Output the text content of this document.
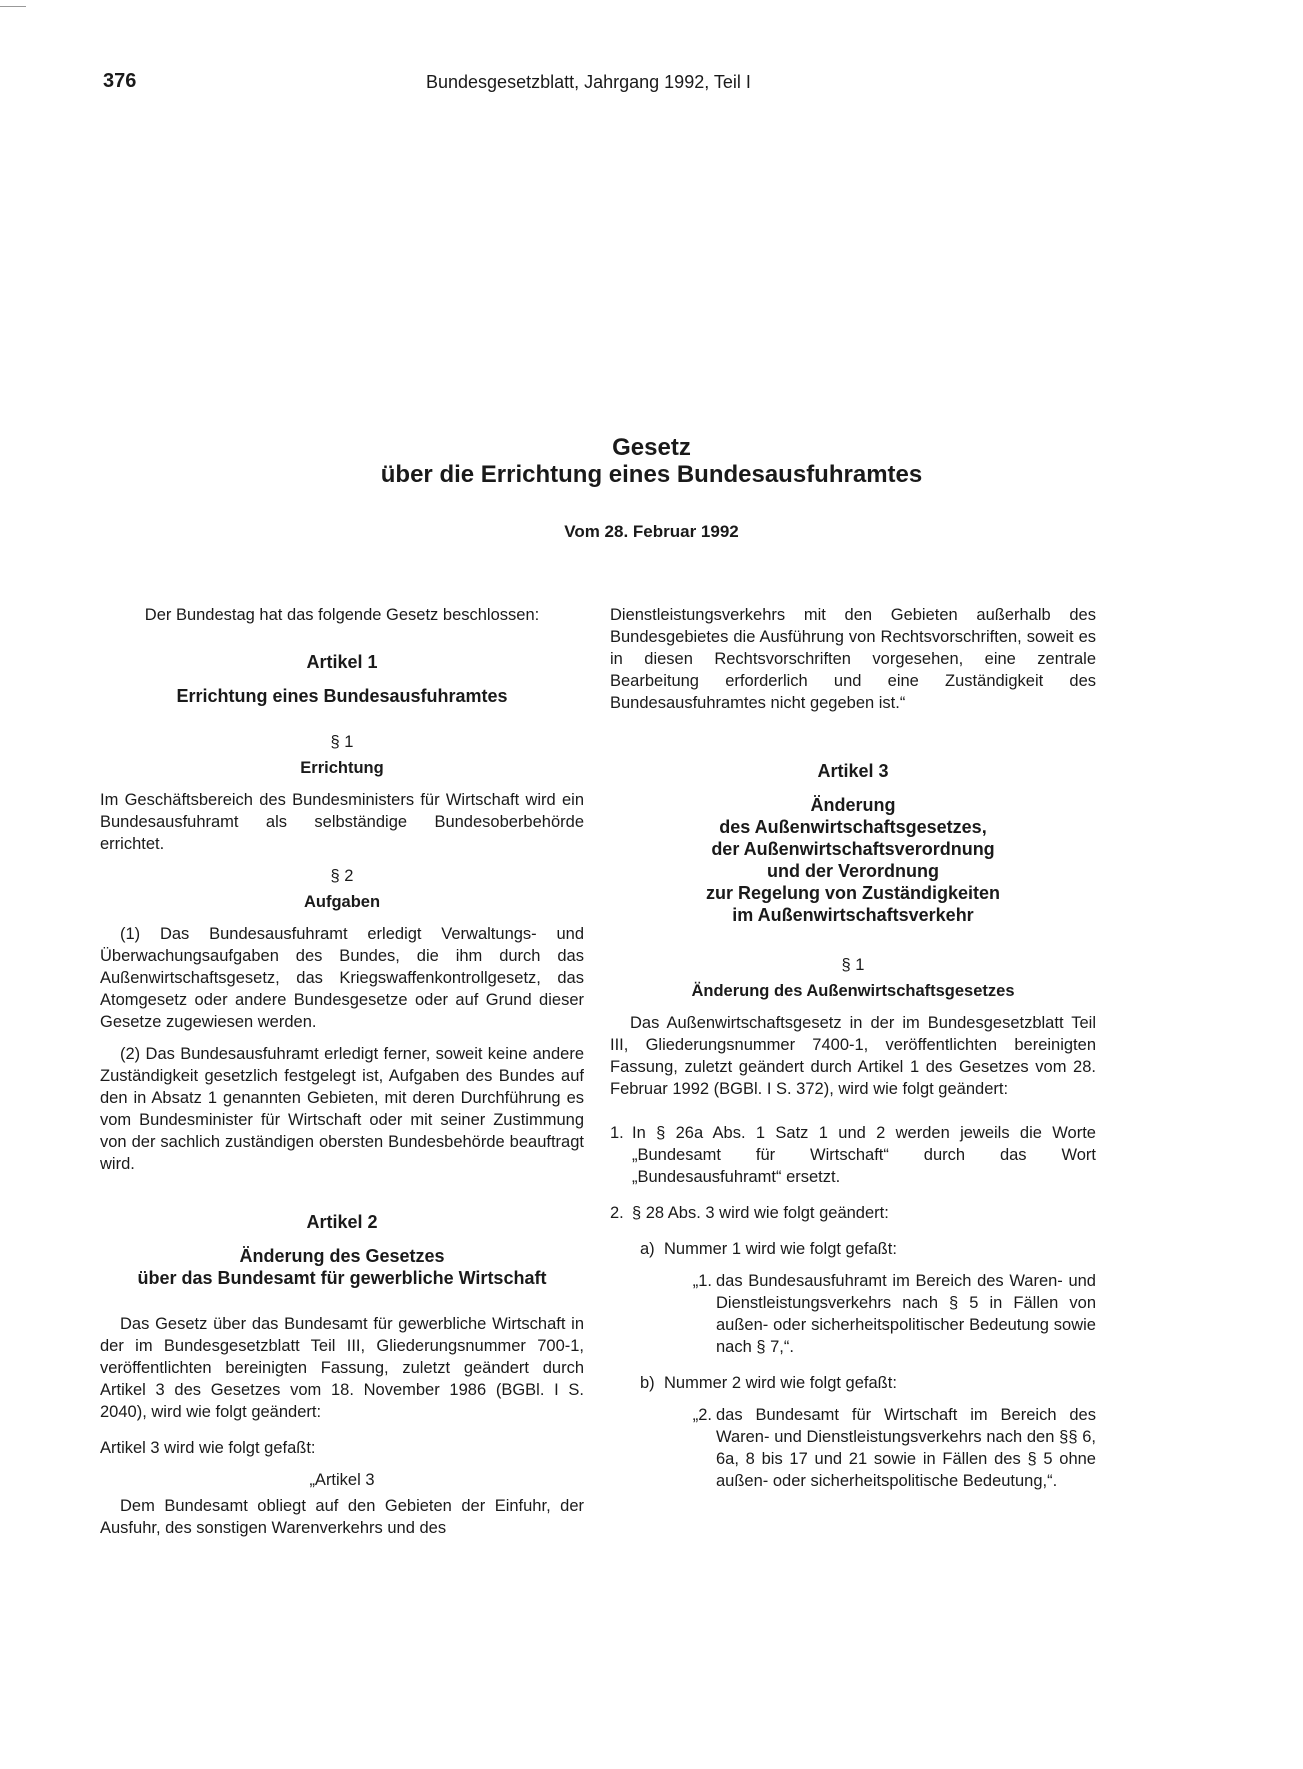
376	Bundesgesetzblatt, Jahrgang 1992, Teil I
Gesetz
über die Errichtung eines Bundesausfuhramtes
Vom 28. Februar 1992
Der Bundestag hat das folgende Gesetz beschlossen:
Artikel 1
Errichtung eines Bundesausfuhramtes
§ 1
Errichtung

Im Geschäftsbereich des Bundesministers für Wirtschaft wird ein Bundesausfuhramt als selbständige Bundesoberbehörde errichtet.

§ 2
Aufgaben

(1) Das Bundesausfuhramt erledigt Verwaltungs- und Überwachungsaufgaben des Bundes, die ihm durch das Außenwirtschaftsgesetz, das Kriegswaffenkontrollgesetz, das Atomgesetz oder andere Bundesgesetze oder auf Grund dieser Gesetze zugewiesen werden.

(2) Das Bundesausfuhramt erledigt ferner, soweit keine andere Zuständigkeit gesetzlich festgelegt ist, Aufgaben des Bundes auf den in Absatz 1 genannten Gebieten, mit deren Durchführung es vom Bundesminister für Wirtschaft oder mit seiner Zustimmung von der sachlich zuständigen obersten Bundesbehörde beauftragt wird.

Artikel 2
Änderung des Gesetzes
über das Bundesamt für gewerbliche Wirtschaft

Das Gesetz über das Bundesamt für gewerbliche Wirtschaft in der im Bundesgesetzblatt Teil III, Gliederungsnummer 700-1, veröffentlichten bereinigten Fassung, zuletzt geändert durch Artikel 3 des Gesetzes vom 18. November 1986 (BGBl. I S. 2040), wird wie folgt geändert:

Artikel 3 wird wie folgt gefaßt:

„Artikel 3

Dem Bundesamt obliegt auf den Gebieten der Einfuhr, der Ausfuhr, des sonstigen Warenverkehrs und des

Dienstleistungsverkehrs mit den Gebieten außerhalb des Bundesgebietes die Ausführung von Rechtsvorschriften, soweit es in diesen Rechtsvorschriften vorgesehen, eine zentrale Bearbeitung erforderlich und eine Zuständigkeit des Bundesausfuhramtes nicht gegeben ist.“

Artikel 3
Änderung
des Außenwirtschaftsgesetzes,
der Außenwirtschaftsverordnung
und der Verordnung
zur Regelung von Zuständigkeiten
im Außenwirtschaftsverkehr
§ 1
Änderung des Außenwirtschaftsgesetzes

Das Außenwirtschaftsgesetz in der im Bundesgesetzblatt Teil III, Gliederungsnummer 7400-1, veröffentlichten bereinigten Fassung, zuletzt geändert durch Artikel 1 des Gesetzes vom 28. Februar 1992 (BGBl. I S. 372), wird wie folgt geändert:

1. In § 26a Abs. 1 Satz 1 und 2 werden jeweils die Worte „Bundesamt für Wirtschaft“ durch das Wort „Bundesausfuhramt“ ersetzt.
2. § 28 Abs. 3 wird wie folgt geändert:
a) Nummer 1 wird wie folgt gefaßt:
„1. das Bundesausfuhramt im Bereich des Waren- und Dienstleistungsverkehrs nach § 5 in Fällen von außen- oder sicherheitspolitischer Bedeutung sowie nach § 7,“.
b) Nummer 2 wird wie folgt gefaßt:
„2. das Bundesamt für Wirtschaft im Bereich des Waren- und Dienstleistungsverkehrs nach den §§ 6, 6a, 8 bis 17 und 21 sowie in Fällen des § 5 ohne außen- oder sicherheitspolitische Bedeutung,“.
